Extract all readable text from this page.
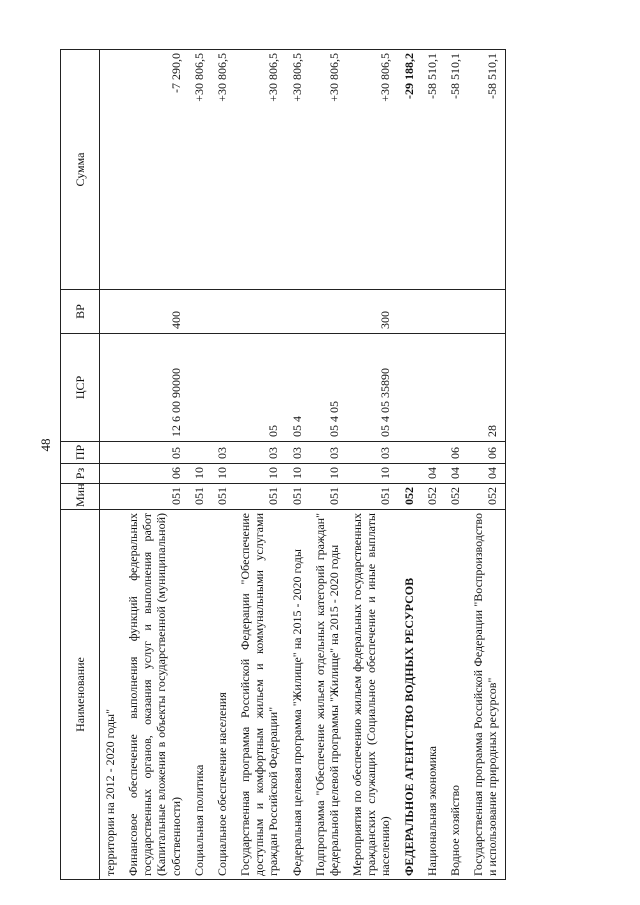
48
Наименование	Мин	Рз	ПР	ЦСР	ВР	Сумма
территории на 2012 - 2020 годы"						
Финансовое обеспечение выполнения функций федеральных государственных органов, оказания услуг и выполнения работ (Капитальные вложения в объекты государственной (муниципальной) собственности)	051	06	05	12 6 00 90000	400	-7 290,0
Социальная политика	051	10				+30 806,5
Социальное обеспечение населения	051	10	03			+30 806,5
Государственная программа Российской Федерации "Обеспечение доступным и комфортным жильем и коммунальными услугами граждан Российской Федерации"	051	10	03	05		+30 806,5
Федеральная целевая программа "Жилище" на 2015 - 2020 годы	051	10	03	05 4		+30 806,5
Подпрограмма "Обеспечение жильем отдельных категорий граждан" федеральной целевой программы "Жилище" на 2015 - 2020 годы	051	10	03	05 4 05		+30 806,5
Мероприятия по обеспечению жильем федеральных государственных гражданских служащих (Социальное обеспечение и иные выплаты населению)	051	10	03	05 4 05 35890	300	+30 806,5
ФЕДЕРАЛЬНОЕ АГЕНТСТВО ВОДНЫХ РЕСУРСОВ	052					-29 188,2
Национальная экономика	052	04				-58 510,1
Водное хозяйство	052	04	06			-58 510,1
Государственная программа Российской Федерации "Воспроизводство и использование природных ресурсов"	052	04	06	28		-58 510,1
